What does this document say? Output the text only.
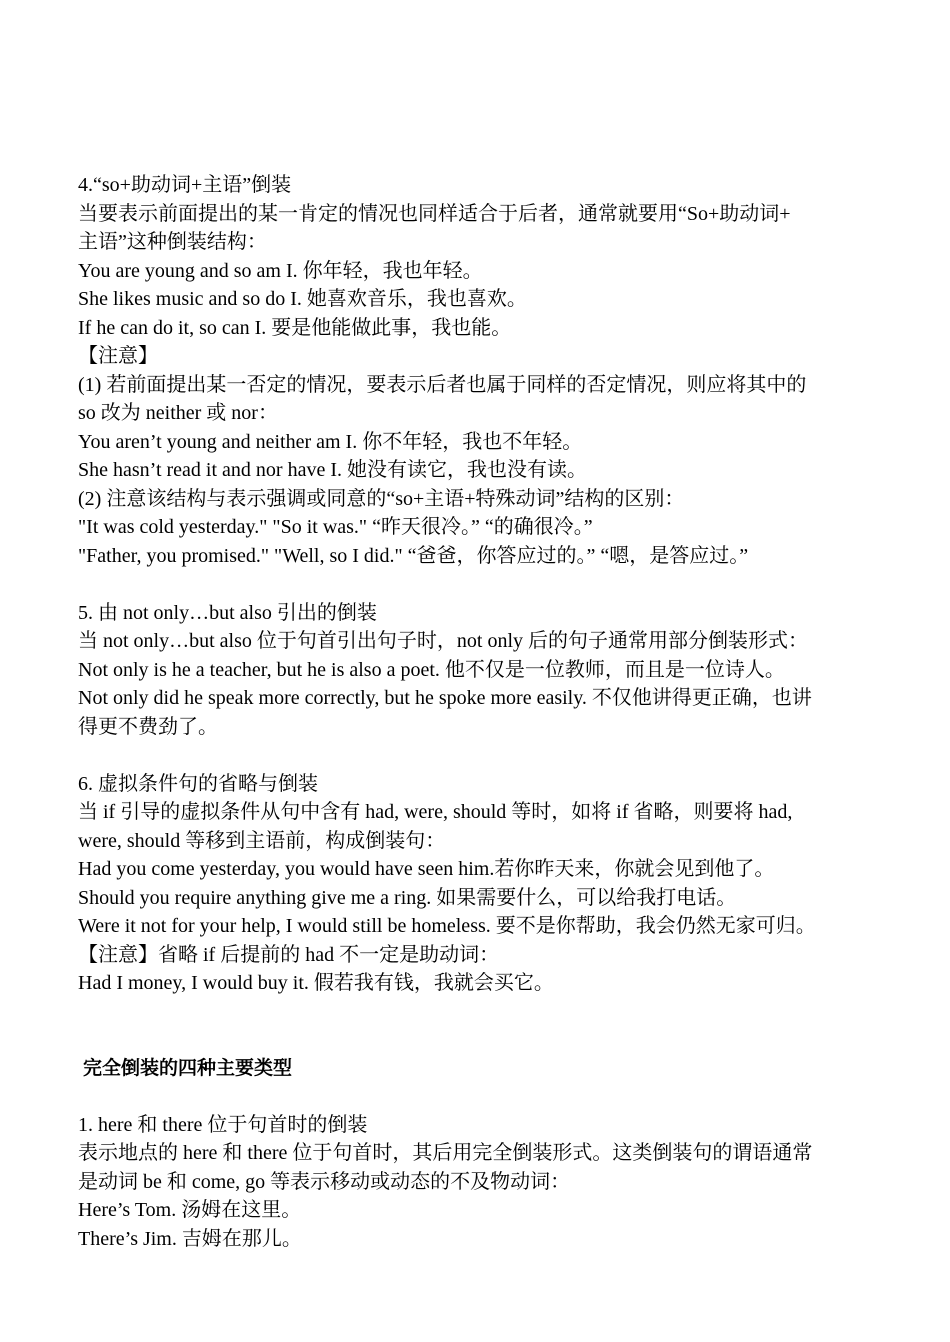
4.“so+助动词+主语”倒装

当要表示前面提出的某一肯定的情况也同样适合于后者，通常就要用“So+助动词+

主语”这种倒装结构：

You are young and so am I. 你年轻，我也年轻。

She likes music and so do I. 她喜欢音乐，我也喜欢。

If he can do it, so can I. 要是他能做此事，我也能。

【注意】

(1) 若前面提出某一否定的情况，要表示后者也属于同样的否定情况，则应将其中的

so 改为 neither 或 nor：

You aren’t young and neither am I. 你不年轻，我也不年轻。

She hasn’t read it and nor have I. 她没有读它，我也没有读。

(2) 注意该结构与表示强调或同意的“so+主语+特殊动词”结构的区别：

"It was cold yesterday." "So it was." “昨天很冷。” “的确很冷。”

"Father, you promised." "Well, so I did." “爸爸，你答应过的。” “嗯，是答应过。”

5. 由 not only…but also 引出的倒装

当 not only…but also 位于句首引出句子时，not only 后的句子通常用部分倒装形式：

Not only is he a teacher, but he is also a poet. 他不仅是一位教师，而且是一位诗人。

Not only did he speak more correctly, but he spoke more easily. 不仅他讲得更正确，也讲

得更不费劲了。

6. 虚拟条件句的省略与倒装

当 if 引导的虚拟条件从句中含有 had, were, should 等时，如将 if 省略，则要将 had,

were, should 等移到主语前，构成倒装句：

Had you come yesterday, you would have seen him.若你昨天来，你就会见到他了。

Should you require anything give me a ring. 如果需要什么，可以给我打电话。

Were it not for your help, I would still be homeless. 要不是你帮助，我会仍然无家可归。

【注意】省略 if 后提前的 had 不一定是助动词：

Had I money, I would buy it. 假若我有钱，我就会买它。

完全倒装的四种主要类型

1. here 和 there 位于句首时的倒装

表示地点的 here 和 there 位于句首时，其后用完全倒装形式。这类倒装句的谓语通常

是动词 be 和 come, go 等表示移动或动态的不及物动词：

Here’s Tom. 汤姆在这里。

There’s Jim. 吉姆在那儿。
